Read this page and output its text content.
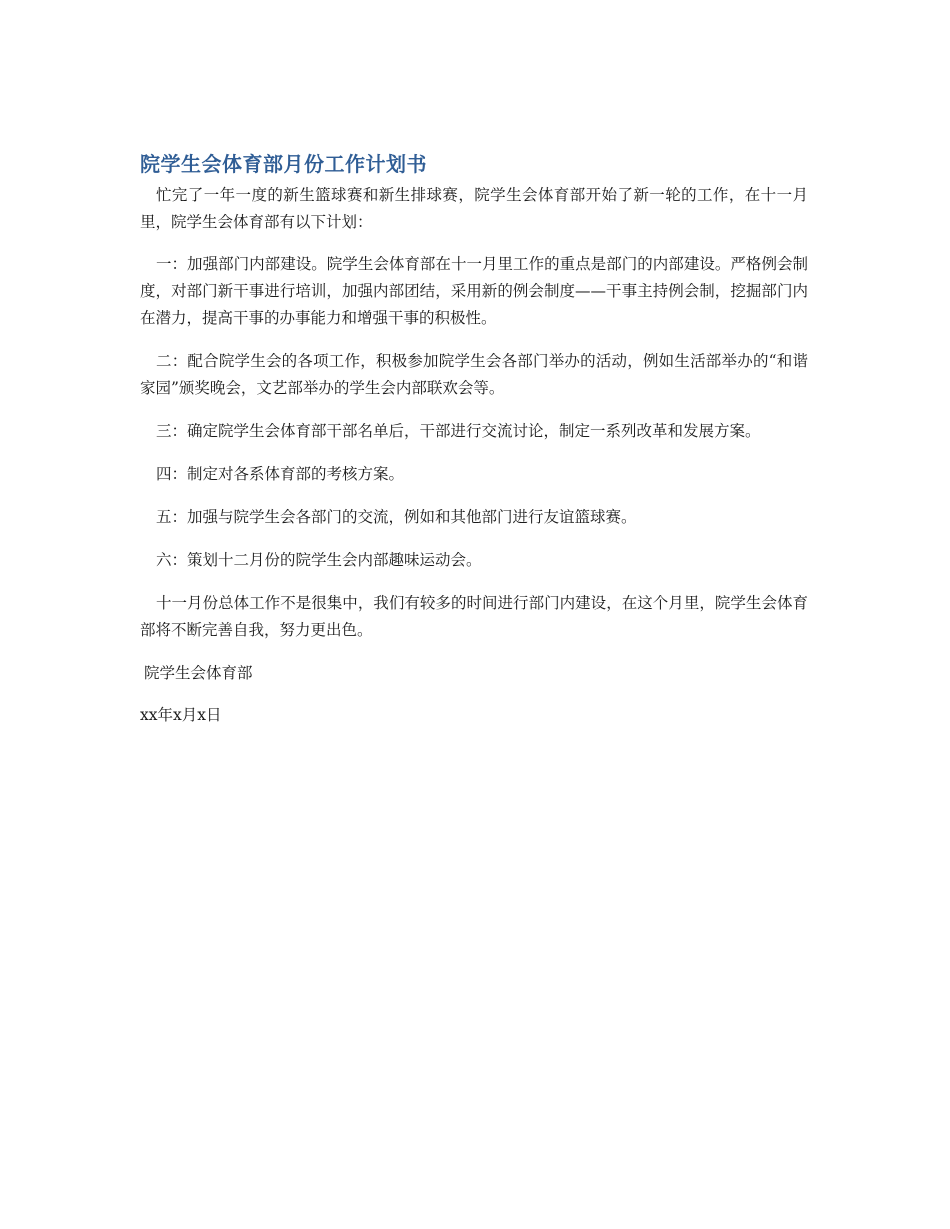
院学生会体育部月份工作计划书

忙完了一年一度的新生篮球赛和新生排球赛，院学生会体育部开始了新一轮的工作，在十一月里，院学生会体育部有以下计划：

一：加强部门内部建设。院学生会体育部在十一月里工作的重点是部门的内部建设。严格例会制度，对部门新干事进行培训，加强内部团结，采用新的例会制度——干事主持例会制，挖掘部门内在潜力，提高干事的办事能力和增强干事的积极性。

二：配合院学生会的各项工作，积极参加院学生会各部门举办的活动，例如生活部举办的“和谐家园”颁奖晚会，文艺部举办的学生会内部联欢会等。

三：确定院学生会体育部干部名单后，干部进行交流讨论，制定一系列改革和发展方案。

四：制定对各系体育部的考核方案。

五：加强与院学生会各部门的交流，例如和其他部门进行友谊篮球赛。

六：策划十二月份的院学生会内部趣味运动会。

十一月份总体工作不是很集中，我们有较多的时间进行部门内建设，在这个月里，院学生会体育部将不断完善自我，努力更出色。

院学生会体育部

xx年x月x日
